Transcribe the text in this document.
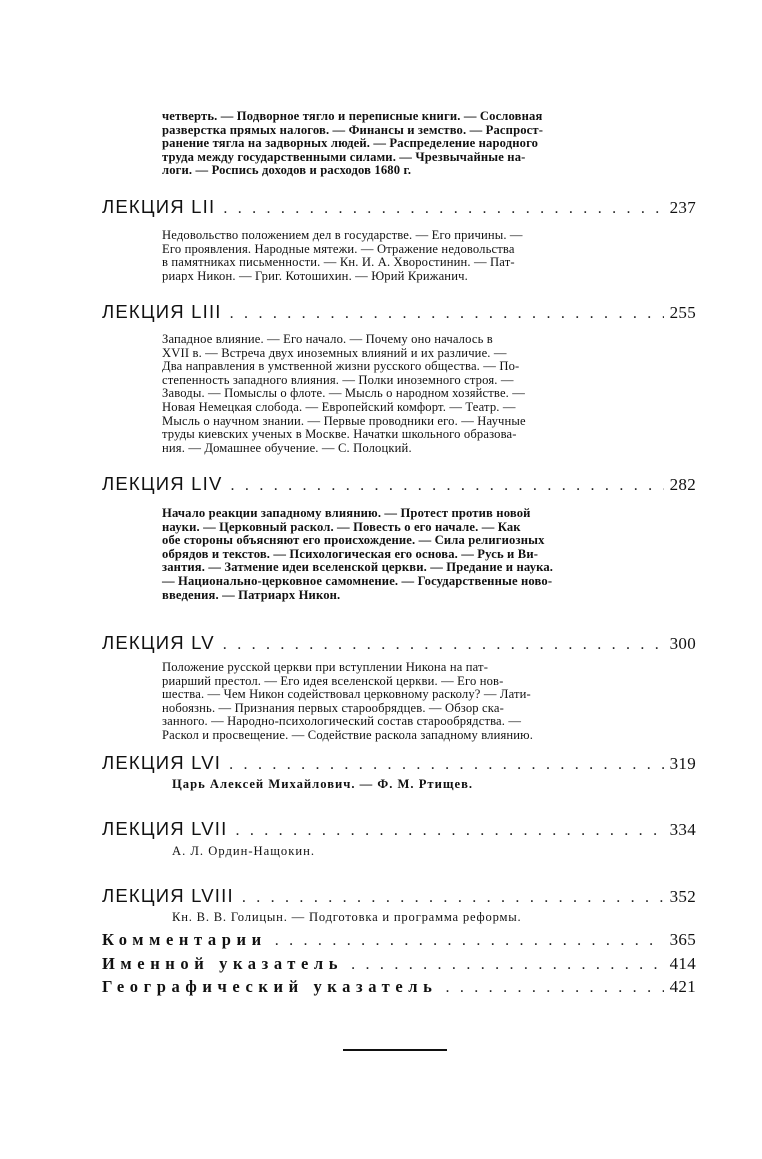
четверть. — Подворное тягло и переписные книги. — Сословная
разверстка прямых налогов. — Финансы и земство. — Распрост-
ранение тягла на задворных людей. — Распределение народного
труда между государственными силами. — Чрезвычайные на-
логи. — Роспись доходов и расходов 1680 г.
ЛЕКЦИЯ LII . . .	237
Недовольство положением дел в государстве. — Его причины. —
Его проявления. Народные мятежи. — Отражение недовольства
в памятниках письменности. — Кн. И. А. Хворостинин. — Пат-
риарх Никон. — Григ. Котошихин. — Юрий Крижанич.
ЛЕКЦИЯ LIII . . .	255
Западное влияние. — Его начало. — Почему оно началось в
XVII в. — Встреча двух иноземных влияний и их различие. —
Два направления в умственной жизни русского общества. — По-
степенность западного влияния. — Полки иноземного строя. —
Заводы. — Помыслы о флоте. — Мысль о народном хозяйстве. —
Новая Немецкая слобода. — Европейский комфорт. — Театр. —
Мысль о научном знании. — Первые проводники его. — Научные
труды киевских ученых в Москве. Начатки школьного образова-
ния. — Домашнее обучение. — С. Полоцкий.
ЛЕКЦИЯ LIV . . .	282
Начало реакции западному влиянию. — Протест против новой
науки. — Церковный раскол. — Повесть о его начале. — Как
обе стороны объясняют его происхождение. — Сила религиозных
обрядов и текстов. — Психологическая его основа. — Русь и Ви-
зантия. — Затмение идеи вселенской церкви. — Предание и наука.
— Национально-церковное самомнение. — Государственные ново-
введения. — Патриарх Никон.
ЛЕКЦИЯ LV . . .	300
Положение русской церкви при вступлении Никона на пат-
риарший престол. — Его идея вселенской церкви. — Его нов-
шества. — Чем Никон содействовал церковному расколу? — Лати-
нобоязнь. — Признания первых старообрядцев. — Обзор ска-
занного. — Народно-психологический состав старообрядства. —
Раскол и просвещение. — Содействие раскола западному влиянию.
ЛЕКЦИЯ LVI . . .	319
Царь Алексей Михайлович. — Ф. М. Ртищев.
ЛЕКЦИЯ LVII . . .	334
А. Л. Ордин-Нащокин.
ЛЕКЦИЯ LVIII . . .	352
Кн. В. В. Голицын. — Подготовка и программа реформы.
Комментарии . . .	365
Именной указатель . . .	414
Географический указатель . . .	421
